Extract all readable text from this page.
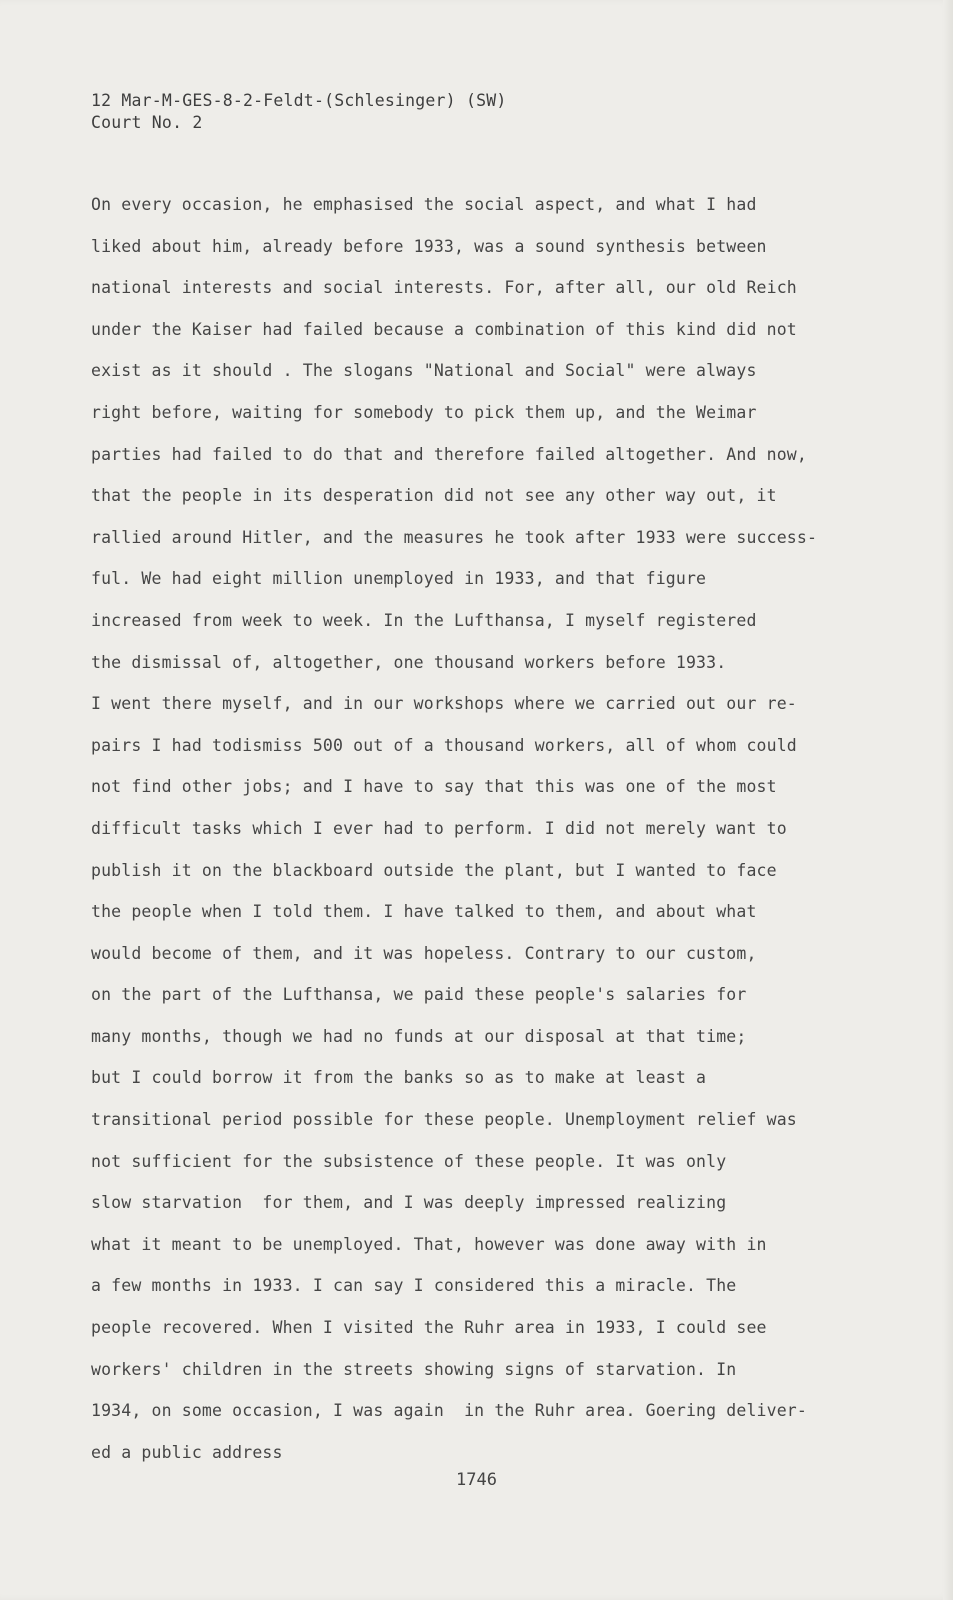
12 Mar-M-GES-8-2-Feldt-(Schlesinger) (SW)
Court No. 2
On every occasion, he emphasised the social aspect, and what I had
liked about him, already before 1933, was a sound synthesis between
national interests and social interests. For, after all, our old Reich
under the Kaiser had failed because a combination of this kind did not
exist as it should . The slogans "National and Social" were always
right before, waiting for somebody to pick them up, and the Weimar
parties had failed to do that and therefore failed altogether. And now,
that the people in its desperation did not see any other way out, it
rallied around Hitler, and the measures he took after 1933 were success-
ful. We had eight million unemployed in 1933, and that figure
increased from week to week. In the Lufthansa, I myself registered
the dismissal of, altogether, one thousand workers before 1933.
I went there myself, and in our workshops where we carried out our re-
pairs I had todismiss 500 out of a thousand workers, all of whom could
not find other jobs; and I have to say that this was one of the most
difficult tasks which I ever had to perform. I did not merely want to
publish it on the blackboard outside the plant, but I wanted to face
the people when I told them. I have talked to them, and about what
would become of them, and it was hopeless. Contrary to our custom,
on the part of the Lufthansa, we paid these people's salaries for
many months, though we had no funds at our disposal at that time;
but I could borrow it from the banks so as to make at least a
transitional period possible for these people. Unemployment relief was
not sufficient for the subsistence of these people. It was only
slow starvation  for them, and I was deeply impressed realizing
what it meant to be unemployed. That, however was done away with in
a few months in 1933. I can say I considered this a miracle. The
people recovered. When I visited the Ruhr area in 1933, I could see
workers' children in the streets showing signs of starvation. In
1934, on some occasion, I was again  in the Ruhr area. Goering deliver-
ed a public address
1746
